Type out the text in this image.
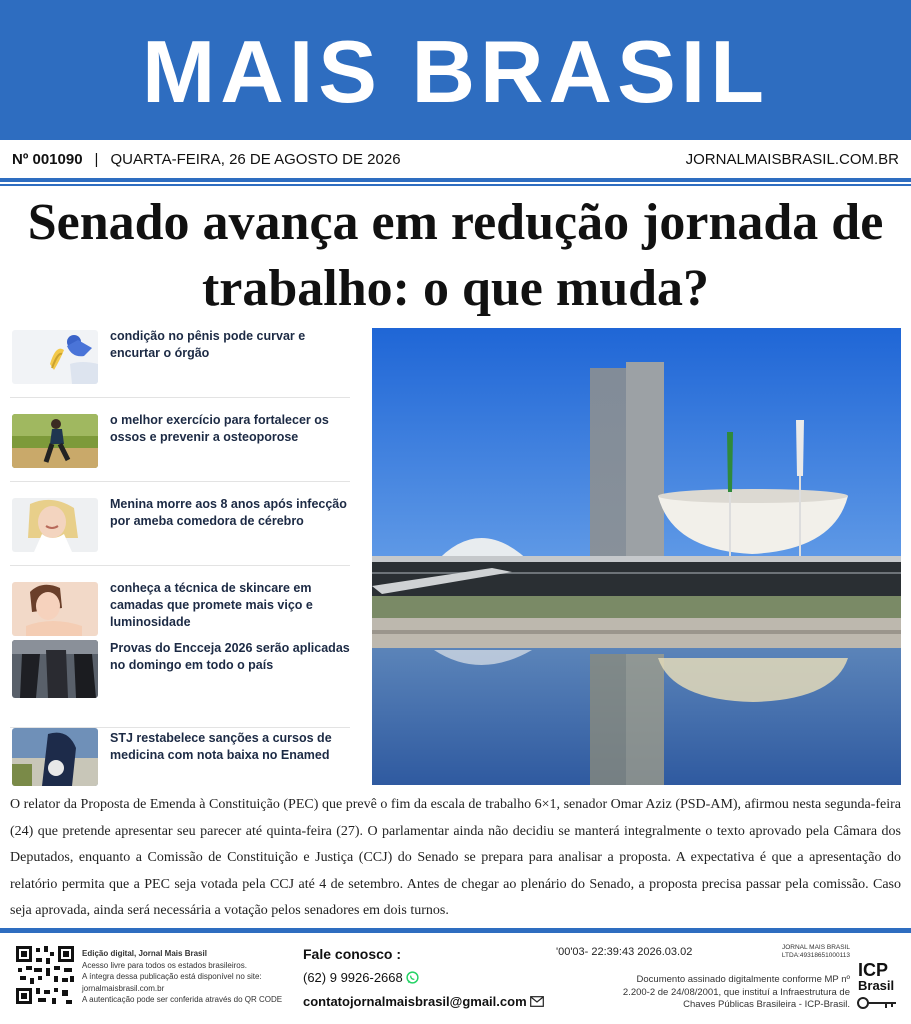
MAIS BRASIL
Nº 001090 | QUARTA-FEIRA, 26 DE AGOSTO DE 2026	JORNALMAISBRASIL.COM.BR
Senado avança em redução jornada de
trabalho: o que muda?
condição no pênis pode curvar e encurtar o órgão
o melhor exercício para fortalecer os ossos e prevenir a osteoporose
Menina morre aos 8 anos após infecção por ameba comedora de cérebro
conheça a técnica de skincare em camadas que promete mais viço e luminosidade
Provas do Encceja 2026 serão aplicadas no domingo em todo o país
STJ restabelece sanções a cursos de medicina com nota baixa no Enamed
O relator da Proposta de Emenda à Constituição (PEC) que prevê o fim da escala de trabalho 6×1, senador Omar Aziz (PSD-AM), afirmou nesta segunda-feira (24) que pretende apresentar seu parecer até quinta-feira (27). O parlamentar ainda não decidiu se manterá integralmente o texto aprovado pela Câmara dos Deputados, enquanto a Comissão de Constituição e Justiça (CCJ) do Senado se prepara para analisar a proposta. A expectativa é que a apresentação do relatório permita que a PEC seja votada pela CCJ até 4 de setembro. Antes de chegar ao plenário do Senado, a proposta precisa passar pela comissão. Caso seja aprovada, ainda será necessária a votação pelos senadores em dois turnos.
Edição digital, Jornal Mais Brasil
Acesso livre para todos os estados brasileiros.
A íntegra dessa publicação está disponível no site:
jornalmaisbrasil.com.br
A autenticação pode ser conferida através do QR CODE
Fale conosco :
(62) 9 9926-2668
contatojornalmaisbrasil@gmail.com
'00'03- 22:39:43 2026.03.02	JORNAL MAIS BRASIL
LTDA:49318651000113
Documento assinado digitalmente conforme MP nº
2.200-2 de 24/08/2001, que instituí a Infraestrutura de
Chaves Públicas Brasileira - ICP-Brasil.
ICP
Brasil
